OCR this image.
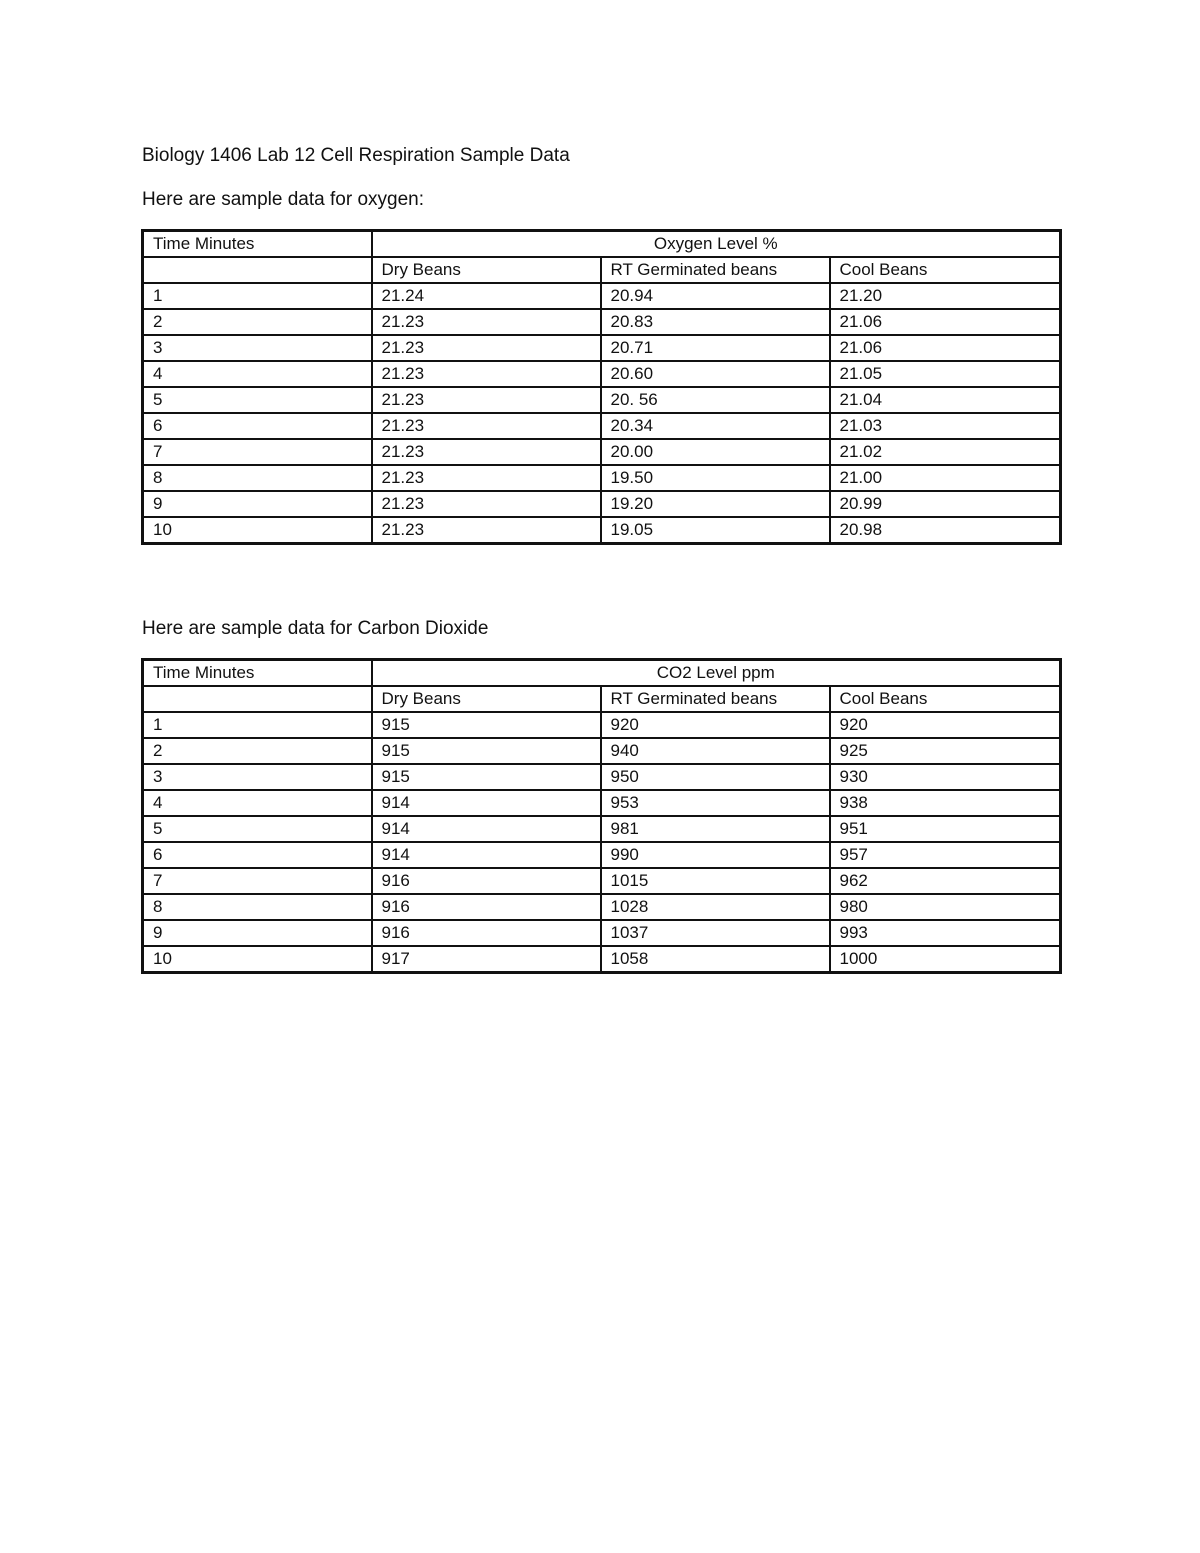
Biology 1406 Lab 12 Cell Respiration Sample Data
Here are sample data for oxygen:
Time Minutes	Oxygen Level %		
	Dry Beans	RT Germinated beans	Cool Beans
1	21.24	20.94	21.20
2	21.23	20.83	21.06
3	21.23	20.71	21.06
4	21.23	20.60	21.05
5	21.23	20. 56	21.04
6	21.23	20.34	21.03
7	21.23	20.00	21.02
8	21.23	19.50	21.00
9	21.23	19.20	20.99
10	21.23	19.05	20.98
Here are sample data for Carbon Dioxide
Time Minutes	CO2 Level ppm		
	Dry Beans	RT Germinated beans	Cool Beans
1	915	920	920
2	915	940	925
3	915	950	930
4	914	953	938
5	914	981	951
6	914	990	957
7	916	1015	962
8	916	1028	980
9	916	1037	993
10	917	1058	1000
